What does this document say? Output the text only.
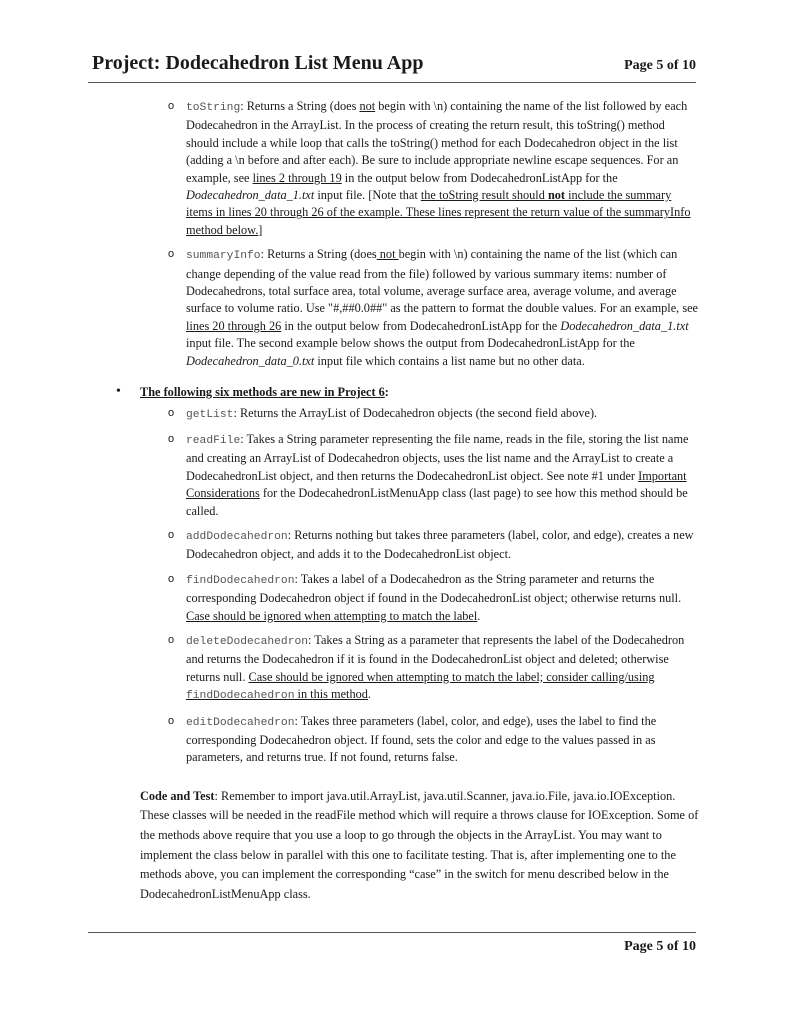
Project: Dodecahedron List Menu App	Page 5 of 10
o toString: Returns a String (does not begin with \n) containing the name of the list followed by each Dodecahedron in the ArrayList. In the process of creating the return result, this toString() method should include a while loop that calls the toString() method for each Dodecahedron object in the list (adding a \n before and after each). Be sure to include appropriate newline escape sequences. For an example, see lines 2 through 19 in the output below from DodecahedronListApp for the Dodecahedron_data_1.txt input file. [Note that the toString result should not include the summary items in lines 20 through 26 of the example. These lines represent the return value of the summaryInfo method below.]
o summaryInfo: Returns a String (does not begin with \n) containing the name of the list (which can change depending of the value read from the file) followed by various summary items: number of Dodecahedrons, total surface area, total volume, average surface area, average volume, and average surface to volume ratio. Use "#,##0.0##" as the pattern to format the double values. For an example, see lines 20 through 26 in the output below from DodecahedronListApp for the Dodecahedron_data_1.txt input file. The second example below shows the output from DodecahedronListApp for the Dodecahedron_data_0.txt input file which contains a list name but no other data.
• The following six methods are new in Project 6:
o getList: Returns the ArrayList of Dodecahedron objects (the second field above).
o readFile: Takes a String parameter representing the file name, reads in the file, storing the list name and creating an ArrayList of Dodecahedron objects, uses the list name and the ArrayList to create a DodecahedronList object, and then returns the DodecahedronList object. See note #1 under Important Considerations for the DodecahedronListMenuApp class (last page) to see how this method should be called.
o addDodecahedron: Returns nothing but takes three parameters (label, color, and edge), creates a new Dodecahedron object, and adds it to the DodecahedronList object.
o findDodecahedron: Takes a label of a Dodecahedron as the String parameter and returns the corresponding Dodecahedron object if found in the DodecahedronList object; otherwise returns null. Case should be ignored when attempting to match the label.
o deleteDodecahedron: Takes a String as a parameter that represents the label of the Dodecahedron and returns the Dodecahedron if it is found in the DodecahedronList object and deleted; otherwise returns null. Case should be ignored when attempting to match the label; consider calling/using findDodecahedron in this method.
o editDodecahedron: Takes three parameters (label, color, and edge), uses the label to find the corresponding Dodecahedron object. If found, sets the color and edge to the values passed in as parameters, and returns true. If not found, returns false.
Code and Test: Remember to import java.util.ArrayList, java.util.Scanner, java.io.File, java.io.IOException. These classes will be needed in the readFile method which will require a throws clause for IOException. Some of the methods above require that you use a loop to go through the objects in the ArrayList. You may want to implement the class below in parallel with this one to facilitate testing. That is, after implementing one to the methods above, you can implement the corresponding “case” in the switch for menu described below in the DodecahedronListMenuApp class.
Page 5 of 10
